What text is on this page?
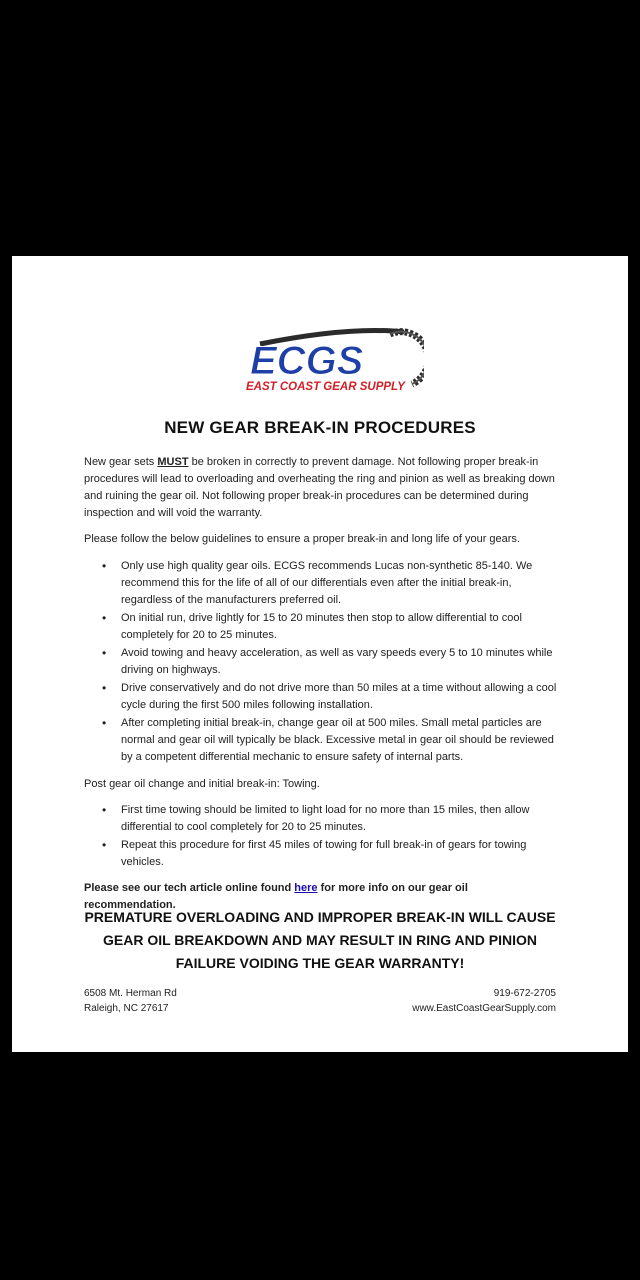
ECGS
EAST COAST GEAR SUPPLY
NEW GEAR BREAK-IN PROCEDURES
New gear sets MUST be broken in correctly to prevent damage. Not following proper break-in procedures will lead to overloading and overheating the ring and pinion as well as breaking down and ruining the gear oil. Not following proper break-in procedures can be determined during inspection and will void the warranty.
Please follow the below guidelines to ensure a proper break-in and long life of your gears.
• Only use high quality gear oils. ECGS recommends Lucas non-synthetic 85-140. We recommend this for the life of all of our differentials even after the initial break-in, regardless of the manufacturers preferred oil.
• On initial run, drive lightly for 15 to 20 minutes then stop to allow differential to cool completely for 20 to 25 minutes.
• Avoid towing and heavy acceleration, as well as vary speeds every 5 to 10 minutes while driving on highways.
• Drive conservatively and do not drive more than 50 miles at a time without allowing a cool cycle during the first 500 miles following installation.
• After completing initial break-in, change gear oil at 500 miles. Small metal particles are normal and gear oil will typically be black. Excessive metal in gear oil should be reviewed by a competent differential mechanic to ensure safety of internal parts.
Post gear oil change and initial break-in: Towing.
• First time towing should be limited to light load for no more than 15 miles, then allow differential to cool completely for 20 to 25 minutes.
• Repeat this procedure for first 45 miles of towing for full break-in of gears for towing vehicles.
Please see our tech article online found here for more info on our gear oil recommendation.
PREMATURE OVERLOADING AND IMPROPER BREAK-IN WILL CAUSE GEAR OIL BREAKDOWN AND MAY RESULT IN RING AND PINION FAILURE VOIDING THE GEAR WARRANTY!
6508 Mt. Herman Rd
Raleigh, NC 27617
919-672-2705
www.EastCoastGearSupply.com
